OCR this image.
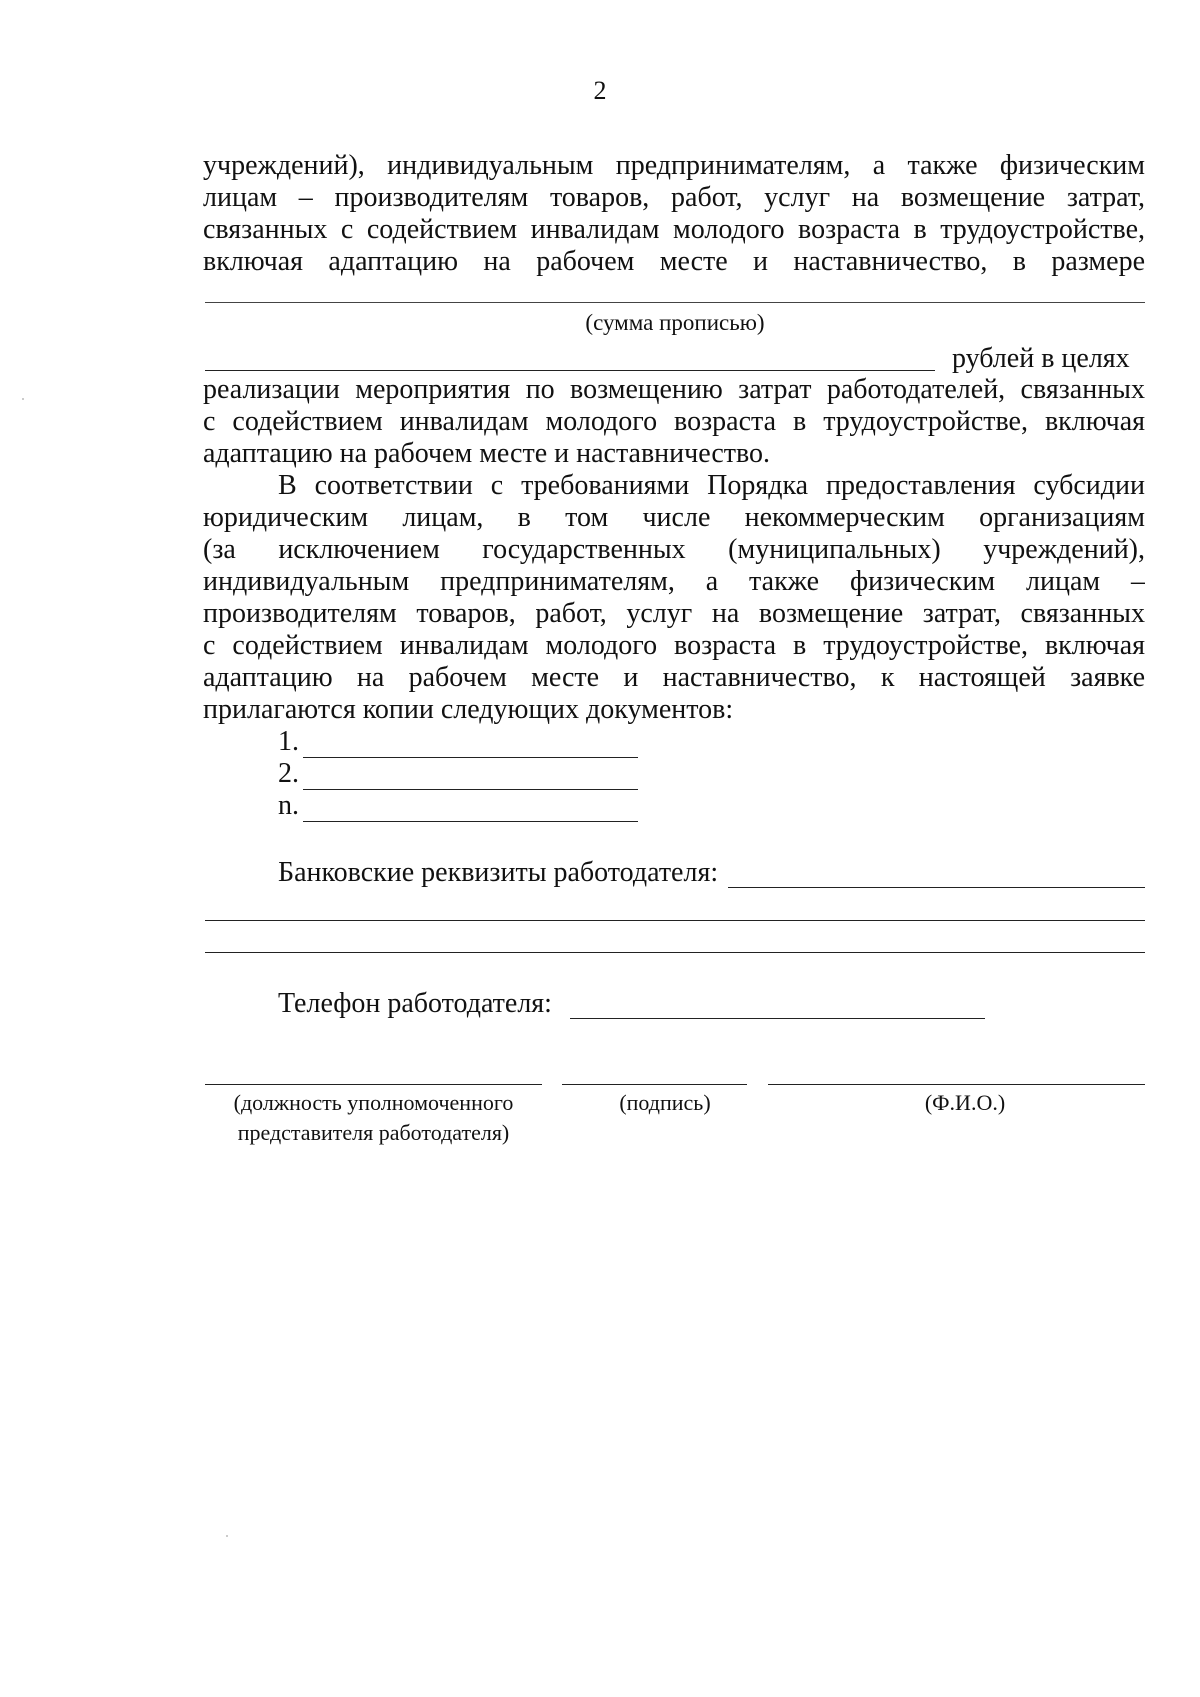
2
учреждений), индивидуальным предпринимателям, а также физическим
лицам – производителям товаров, работ, услуг на возмещение затрат,
связанных с содействием инвалидам молодого возраста в трудоустройстве,
включая адаптацию на рабочем месте и наставничество, в размере
(сумма прописью)
рублей в целях
реализации мероприятия по возмещению затрат работодателей, связанных
с содействием инвалидам молодого возраста в трудоустройстве, включая
адаптацию на рабочем месте и наставничество.
В соответствии с требованиями Порядка предоставления субсидии
юридическим лицам, в том числе некоммерческим организациям
(за исключением государственных (муниципальных) учреждений),
индивидуальным предпринимателям, а также физическим лицам –
производителям товаров, работ, услуг на возмещение затрат, связанных
с содействием инвалидам молодого возраста в трудоустройстве, включая
адаптацию на рабочем месте и наставничество, к настоящей заявке
прилагаются копии следующих документов:
1.
2.
n.
Банковские реквизиты работодателя:
Телефон работодателя:
(должность уполномоченного представителя работодателя)
(подпись)	(Ф.И.О.)
